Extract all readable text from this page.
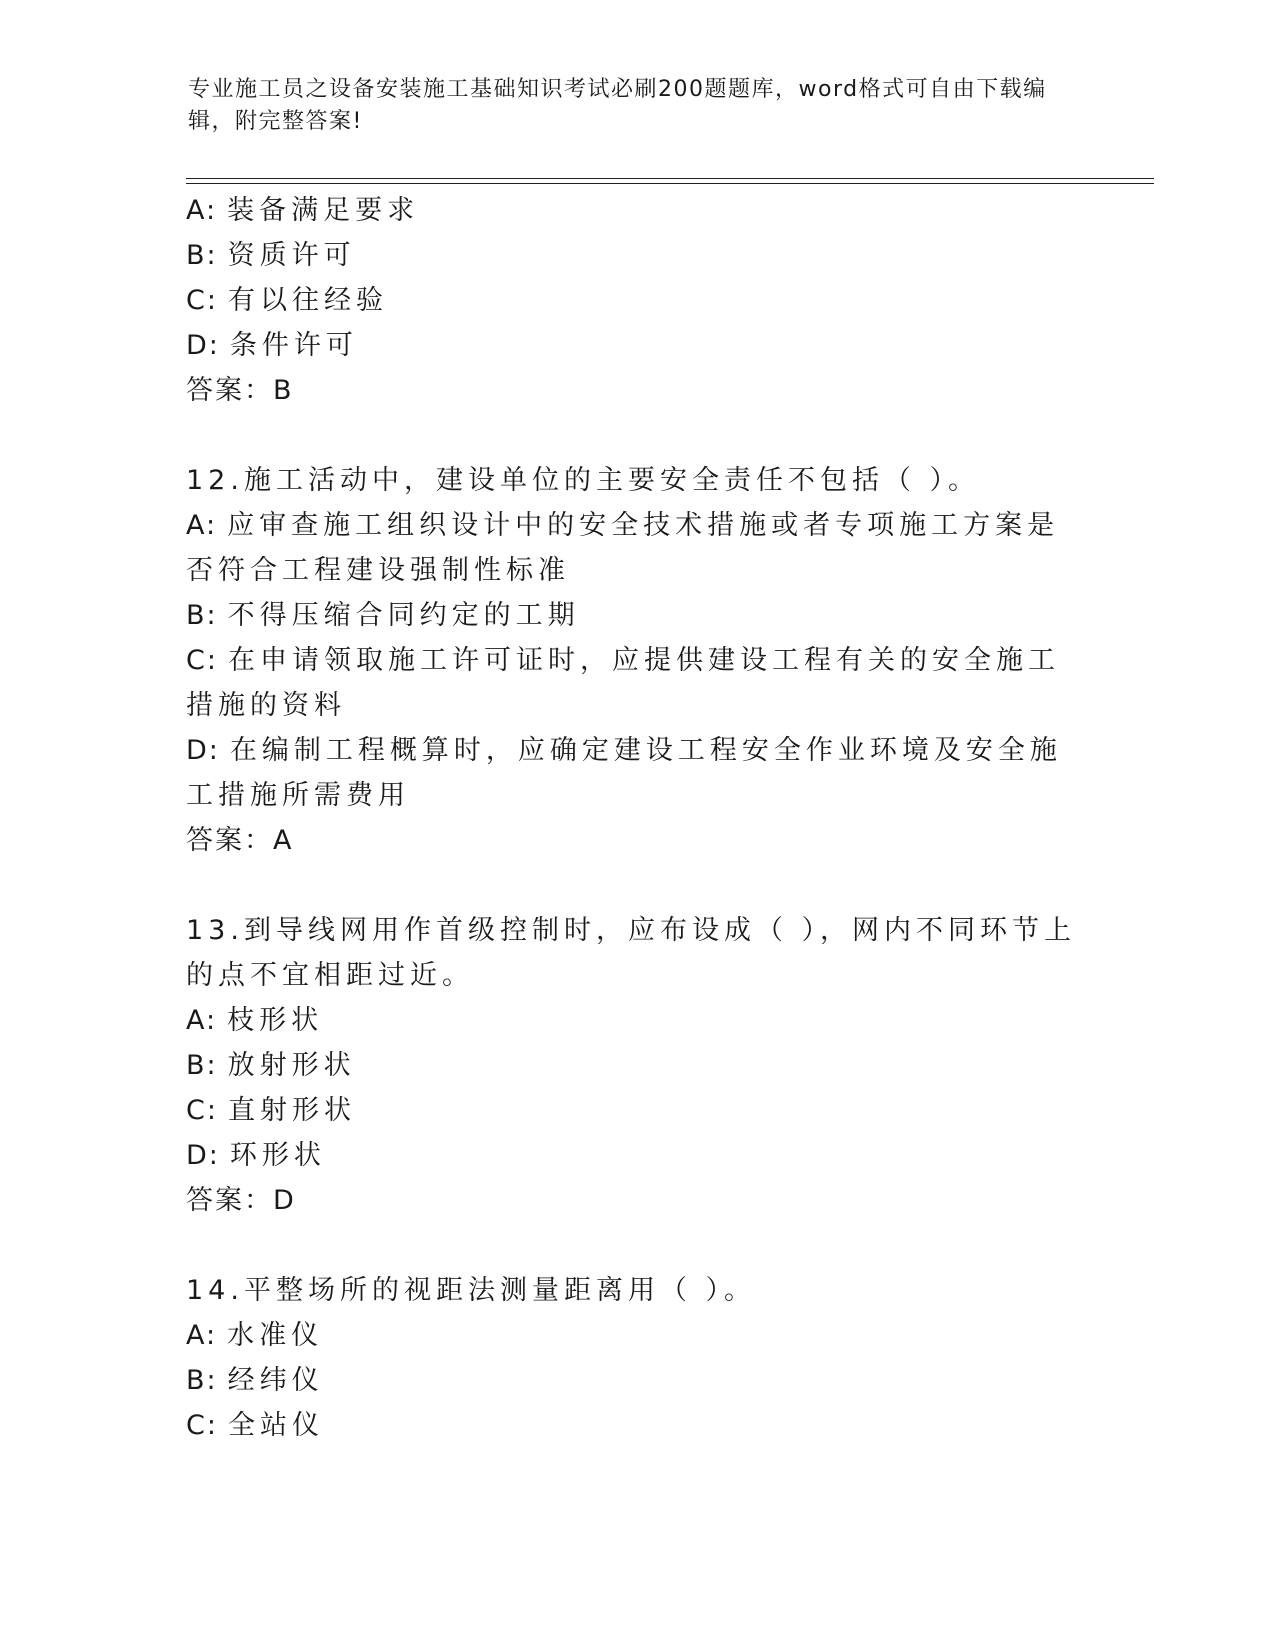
专业施工员之设备安装施工基础知识考试必刷200题题库，word格式可自由下载编辑，附完整答案!
A: 装备满足要求
B: 资质许可
C: 有以往经验
D: 条件许可
答案：B
12.施工活动中，建设单位的主要安全责任不包括（ ）。
A: 应审查施工组织设计中的安全技术措施或者专项施工方案是否符合工程建设强制性标准
B: 不得压缩合同约定的工期
C: 在申请领取施工许可证时，应提供建设工程有关的安全施工措施的资料
D: 在编制工程概算时，应确定建设工程安全作业环境及安全施工措施所需费用
答案：A
13.到导线网用作首级控制时，应布设成（ ），网内不同环节上的点不宜相距过近。
A: 枝形状
B: 放射形状
C: 直射形状
D: 环形状
答案：D
14.平整场所的视距法测量距离用（ ）。
A: 水准仪
B: 经纬仪
C: 全站仪
